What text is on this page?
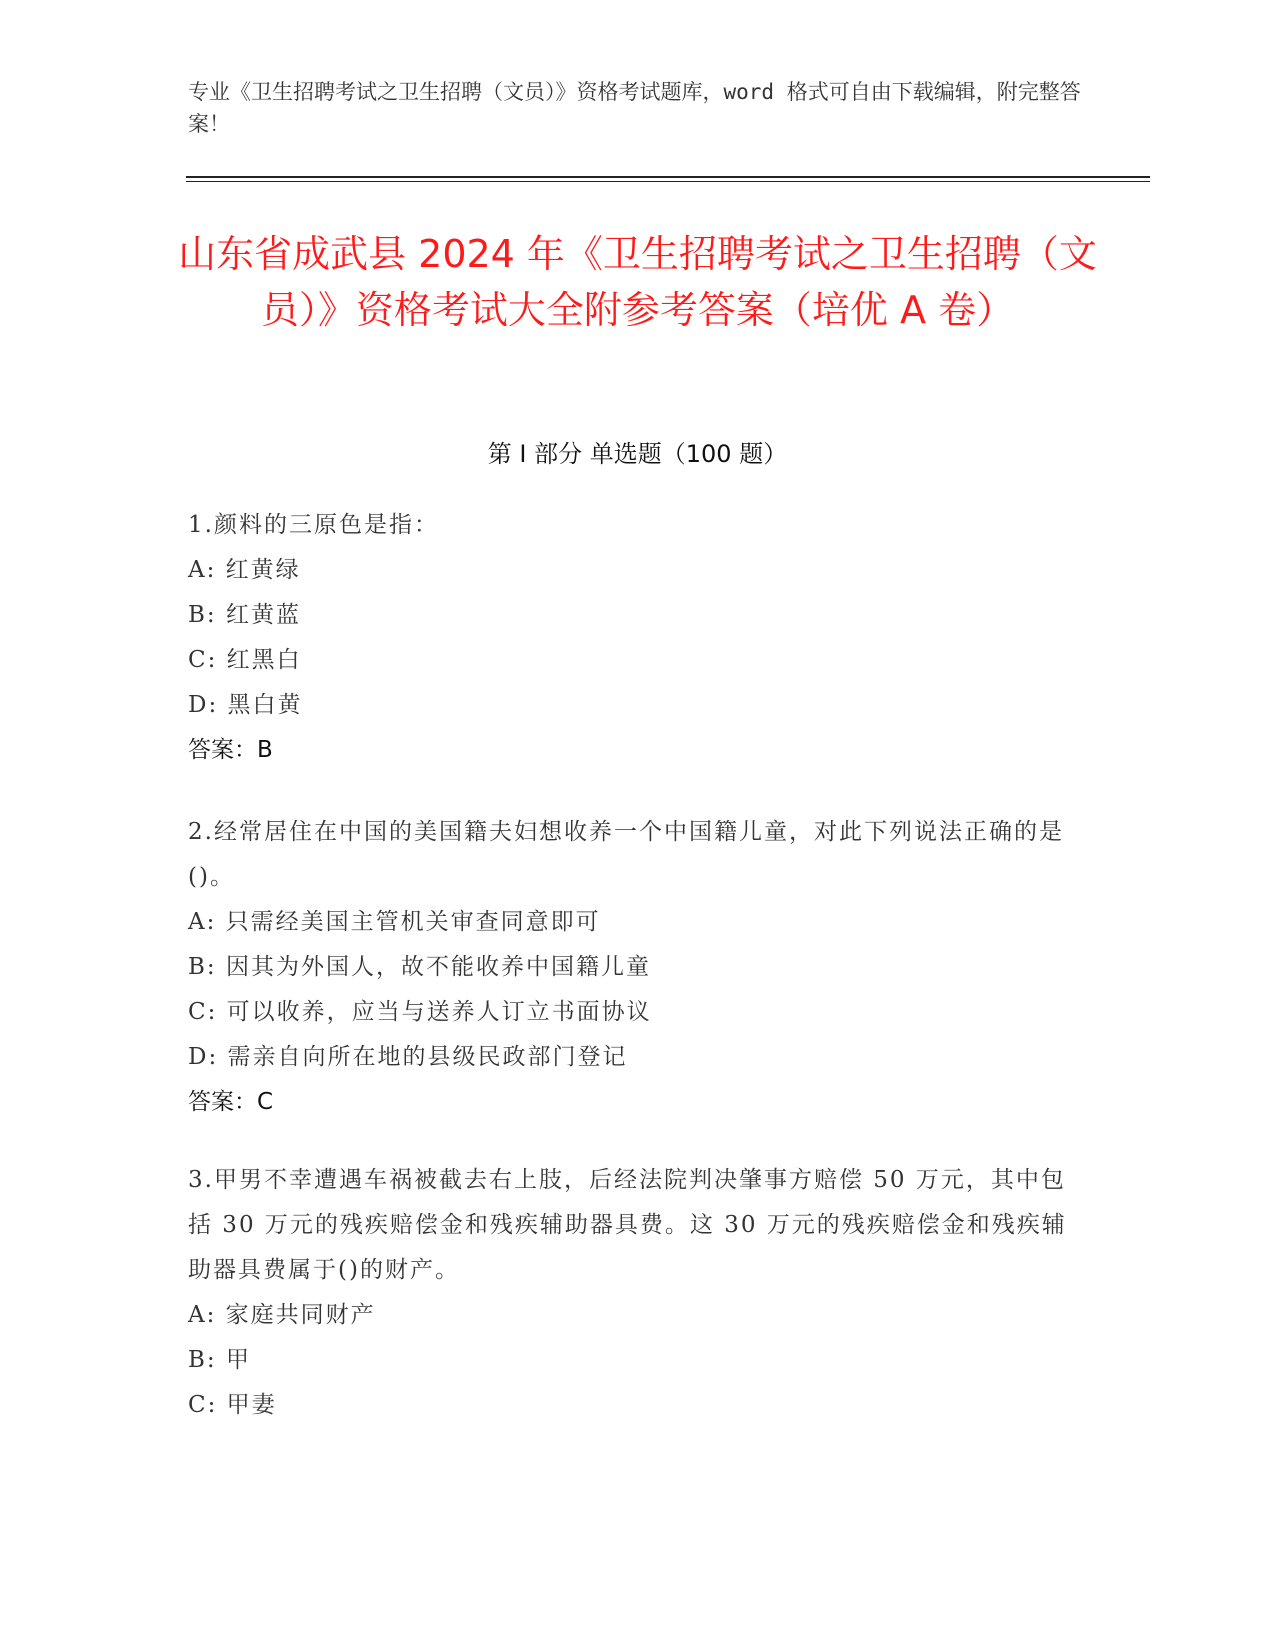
专业《卫生招聘考试之卫生招聘（文员）》资格考试题库，word 格式可自由下载编辑，附完整答案！
山东省成武县 2024 年《卫生招聘考试之卫生招聘（文员）》资格考试大全附参考答案（培优 A 卷）
第 I 部分 单选题（100 题）

1.颜料的三原色是指：

A: 红黄绿

B: 红黄蓝

C: 红黑白

D: 黑白黄

答案：B

2.经常居住在中国的美国籍夫妇想收养一个中国籍儿童，对此下列说法正确的是()。

A: 只需经美国主管机关审查同意即可

B: 因其为外国人，故不能收养中国籍儿童

C: 可以收养，应当与送养人订立书面协议

D: 需亲自向所在地的县级民政部门登记

答案：C

3.甲男不幸遭遇车祸被截去右上肢，后经法院判决肇事方赔偿 50 万元，其中包括 30 万元的残疾赔偿金和残疾辅助器具费。这 30 万元的残疾赔偿金和残疾辅助器具费属于()的财产。

A: 家庭共同财产

B: 甲

C: 甲妻
